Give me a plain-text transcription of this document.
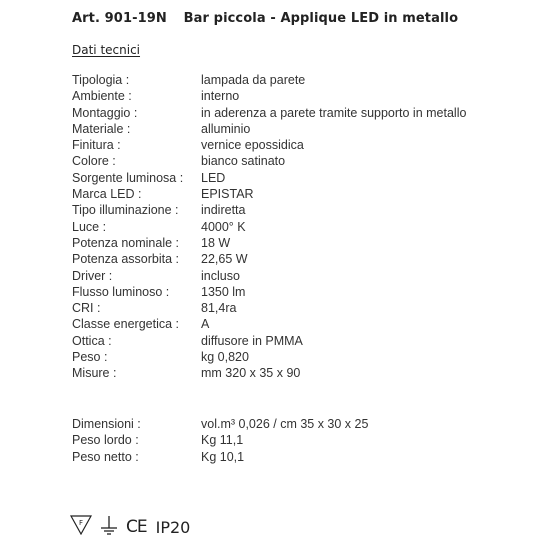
Art. 901-19N Bar piccola - Applique LED in metallo
Dati tecnici
Tipologia :	lampada da parete
Ambiente :	interno
Montaggio :	in aderenza a parete tramite supporto in metallo
Materiale :	alluminio
Finitura :	vernice epossidica
Colore :	bianco satinato
Sorgente luminosa : LED
Marca LED :	EPISTAR
Tipo illuminazione : indiretta
Luce :	4000° K
Potenza nominale :18 W
Potenza assorbita :22,65 W
Driver :	incluso
Flusso luminoso :	1350 lm
CRI :	81,4ra
Classe energetica :A
Ottica :	diffusore in PMMA
Peso :	kg 0,820
Misure :	mm 320 x 35 x 90
Dimensioni :	vol.m³ 0,026 / cm 35 x 30 x 25
Peso lordo :	Kg 11,1
Peso netto :	Kg 10,1
F	CE IP20
